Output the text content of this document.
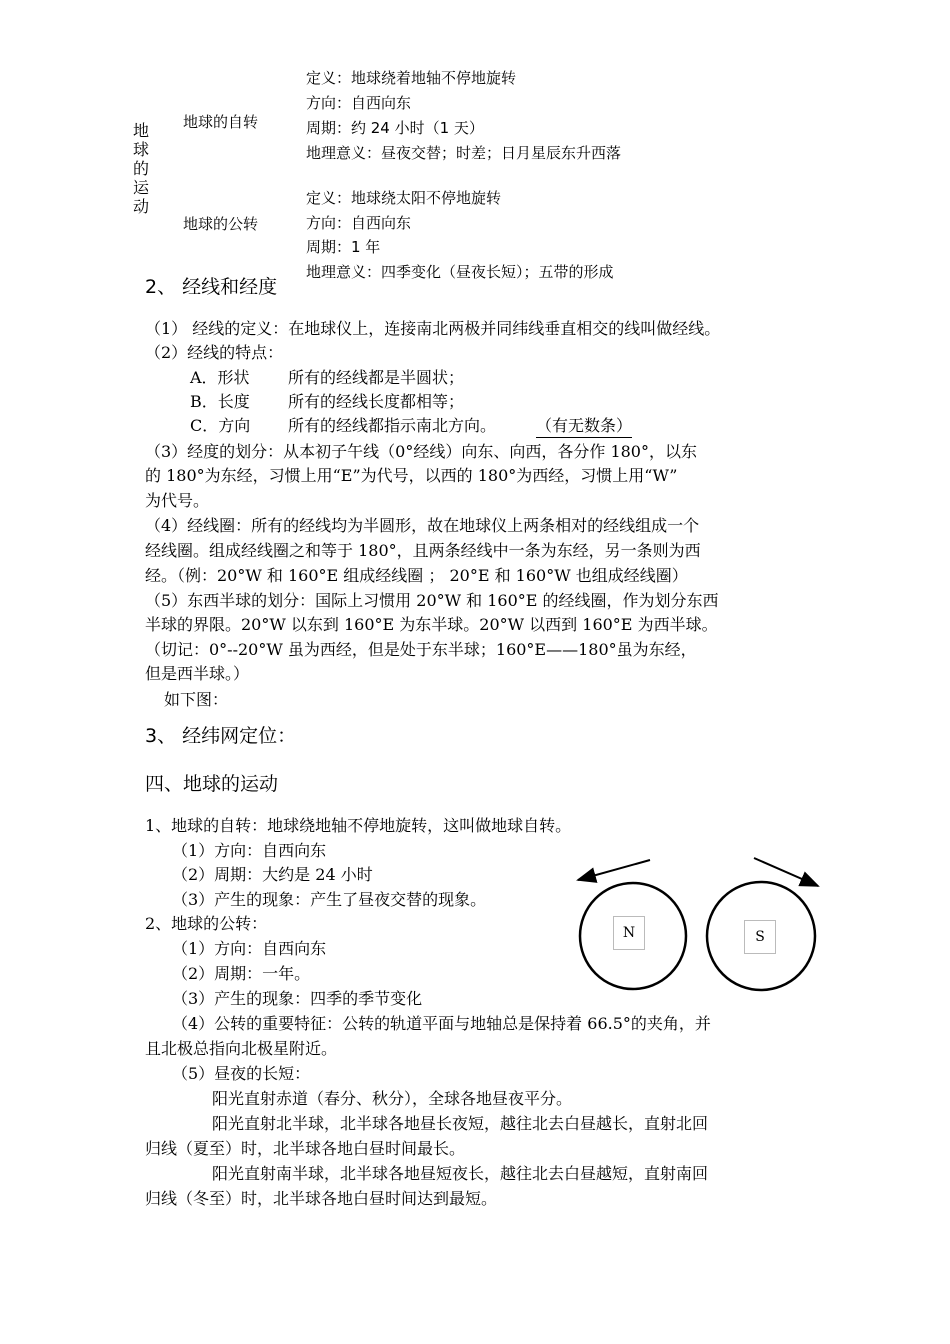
地球的运动
地球的自转
定义：地球绕着地轴不停地旋转
方向：自西向东
周期：约 24 小时（1 天）
地理意义：昼夜交替；时差；日月星辰东升西落
地球的公转
定义：地球绕太阳不停地旋转
方向：自西向东
周期：1 年
地理意义：四季变化（昼夜长短）；五带的形成
2、 经线和经度
（1） 经线的定义：在地球仪上，连接南北两极并同纬线垂直相交的线叫做经线。
（2）经线的特点：
A．形状 所有的经线都是半圆状；
B．长度 所有的经线长度都相等；
C．方向 所有的经线都指示南北方向。 （有无数条）
（3）经度的划分：从本初子午线（0°经线）向东、向西，各分作 180°，以东
的 180°为东经，习惯上用“E”为代号，以西的 180°为西经，习惯上用“W”
为代号。
（4）经线圈：所有的经线均为半圆形，故在地球仪上两条相对的经线组成一个
经线圈。组成经线圈之和等于 180°，且两条经线中一条为东经，另一条则为西
经。（例：20°W 和 160°E 组成经线圈 ； 20°E 和 160°W 也组成经线圈）
（5）东西半球的划分：国际上习惯用 20°W 和 160°E 的经线圈，作为划分东西
半球的界限。20°W 以东到 160°E 为东半球。20°W 以西到 160°E 为西半球。
（切记：0°--20°W 虽为西经，但是处于东半球；160°E——180°虽为东经，
但是西半球。）
如下图：
3、 经纬网定位：
四、地球的运动
1、地球的自转：地球绕地轴不停地旋转，这叫做地球自转。
（1）方向：自西向东
（2）周期：大约是 24 小时
（3）产生的现象：产生了昼夜交替的现象。
2、地球的公转：
（1）方向：自西向东
（2）周期：一年。
（3）产生的现象：四季的季节变化
（4）公转的重要特征：公转的轨道平面与地轴总是保持着 66.5°的夹角，并
且北极总指向北极星附近。
（5）昼夜的长短：
阳光直射赤道（春分、秋分），全球各地昼夜平分。
阳光直射北半球，北半球各地昼长夜短，越往北去白昼越长，直射北回
归线（夏至）时，北半球各地白昼时间最长。
阳光直射南半球，北半球各地昼短夜长，越往北去白昼越短，直射南回
归线（冬至）时，北半球各地白昼时间达到最短。
N	S
